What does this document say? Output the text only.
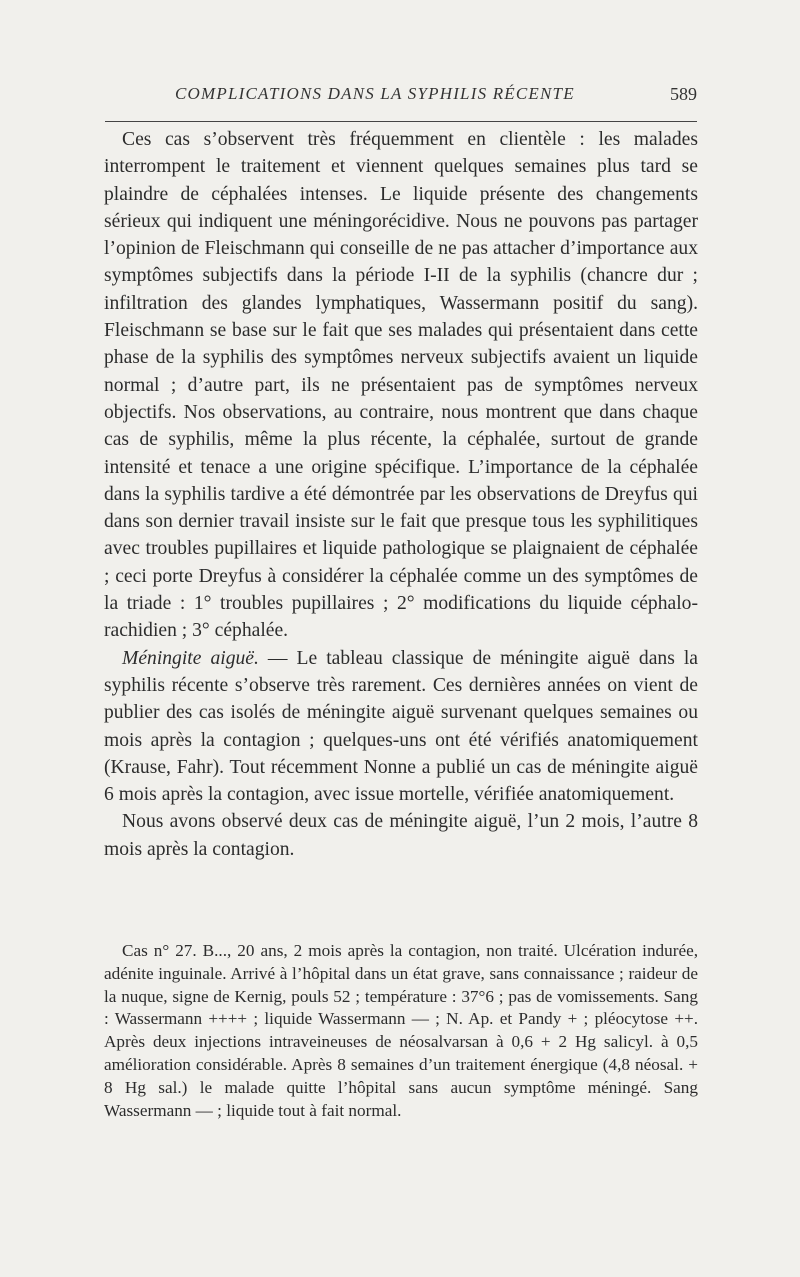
COMPLICATIONS DANS LA SYPHILIS RÉCENTE	589

Ces cas s’observent très fréquemment en clientèle : les malades interrompent le traitement et viennent quelques semaines plus tard se plaindre de céphalées intenses. Le liquide présente des changements sérieux qui indiquent une méningorécidive. Nous ne pouvons pas partager l’opinion de Fleischmann qui conseille de ne pas attacher d’importance aux symptômes subjectifs dans la période I-II de la syphilis (chancre dur ; infiltration des glandes lymphatiques, Wassermann positif du sang). Fleischmann se base sur le fait que ses malades qui présentaient dans cette phase de la syphilis des symptômes nerveux subjectifs avaient un liquide normal ; d’autre part, ils ne présentaient pas de symptômes nerveux objectifs. Nos observations, au contraire, nous montrent que dans chaque cas de syphilis, même la plus récente, la céphalée, surtout de grande intensité et tenace a une origine spécifique. L’importance de la céphalée dans la syphilis tardive a été démontrée par les observations de Dreyfus qui dans son dernier travail insiste sur le fait que presque tous les syphilitiques avec troubles pupillaires et liquide pathologique se plaignaient de céphalée ; ceci porte Dreyfus à considérer la céphalée comme un des symptômes de la triade : 1° troubles pupillaires ; 2° modifications du liquide céphalo-rachidien ; 3° céphalée.

Méningite aiguë. — Le tableau classique de méningite aiguë dans la syphilis récente s’observe très rarement. Ces dernières années on vient de publier des cas isolés de méningite aiguë survenant quelques semaines ou mois après la contagion ; quelques-uns ont été vérifiés anatomiquement (Krause, Fahr). Tout récemment Nonne a publié un cas de méningite aiguë 6 mois après la contagion, avec issue mortelle, vérifiée anatomiquement.

Nous avons observé deux cas de méningite aiguë, l’un 2 mois, l’autre 8 mois après la contagion.

Cas n° 27. B..., 20 ans, 2 mois après la contagion, non traité. Ulcération indurée, adénite inguinale. Arrivé à l’hôpital dans un état grave, sans connaissance ; raideur de la nuque, signe de Kernig, pouls 52 ; température : 37°6 ; pas de vomissements. Sang : Wassermann ++++ ; liquide Wassermann — ; N. Ap. et Pandy + ; pléocytose ++. Après deux injections intraveineuses de néosalvarsan à 0,6 + 2 Hg salicyl. à 0,5 amélioration considérable. Après 8 semaines d’un traitement énergique (4,8 néosal. + 8 Hg sal.) le malade quitte l’hôpital sans aucun symptôme méningé. Sang Wassermann — ; liquide tout à fait normal.
